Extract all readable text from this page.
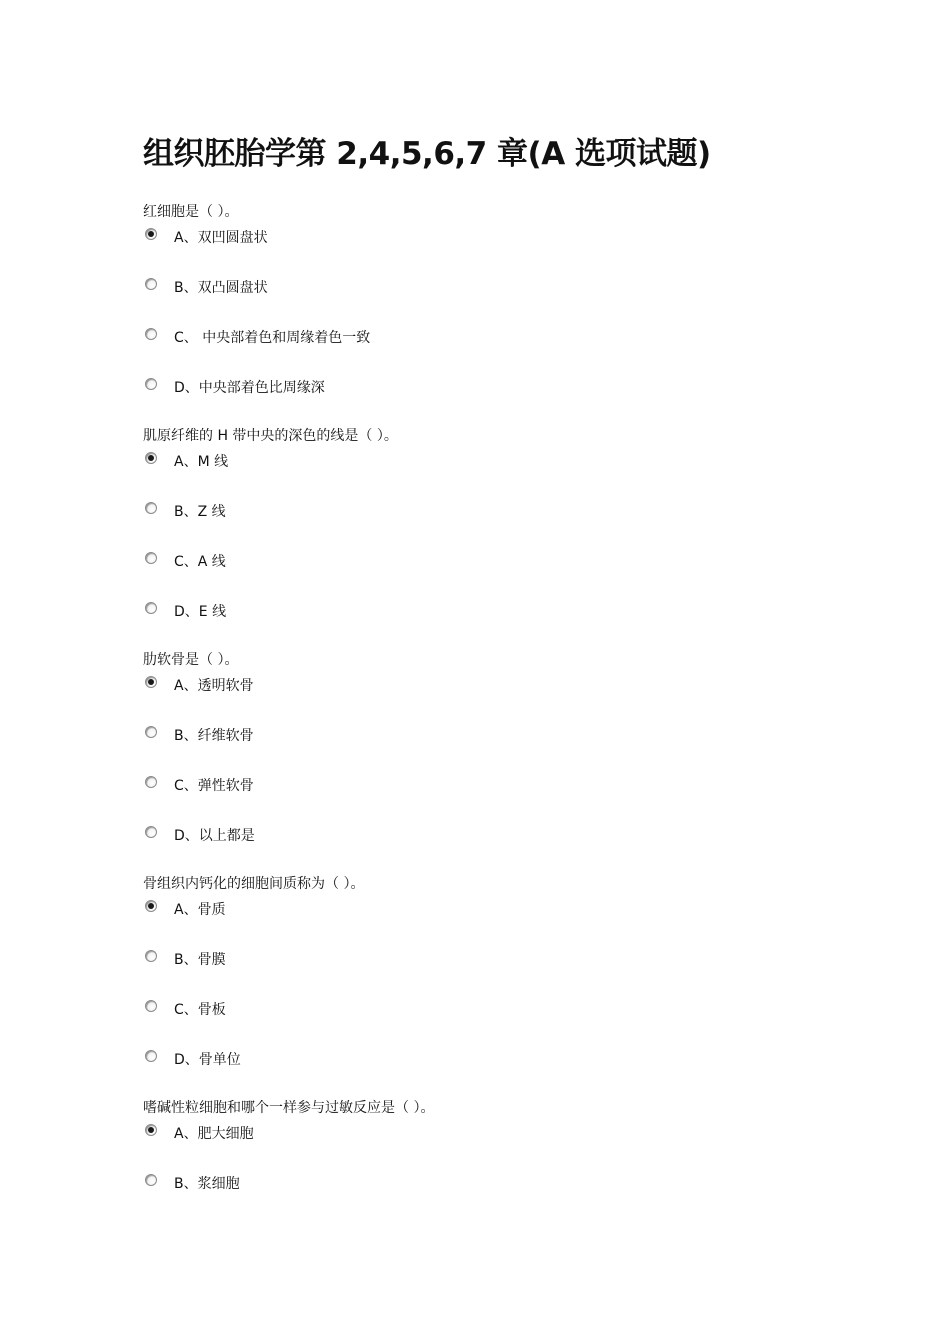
组织胚胎学第 2,4,5,6,7 章(A 选项试题)
红细胞是（ ）。
A、双凹圆盘状
B、双凸圆盘状
C、 中央部着色和周缘着色一致
D、中央部着色比周缘深
肌原纤维的 H 带中央的深色的线是（ ）。
A、M 线
B、Z 线
C、A 线
D、E 线
肋软骨是（ ）。
A、透明软骨
B、纤维软骨
C、弹性软骨
D、以上都是
骨组织内钙化的细胞间质称为（ ）。
A、骨质
B、骨膜
C、骨板
D、骨单位
嗜碱性粒细胞和哪个一样参与过敏反应是（ ）。
A、肥大细胞
B、浆细胞
